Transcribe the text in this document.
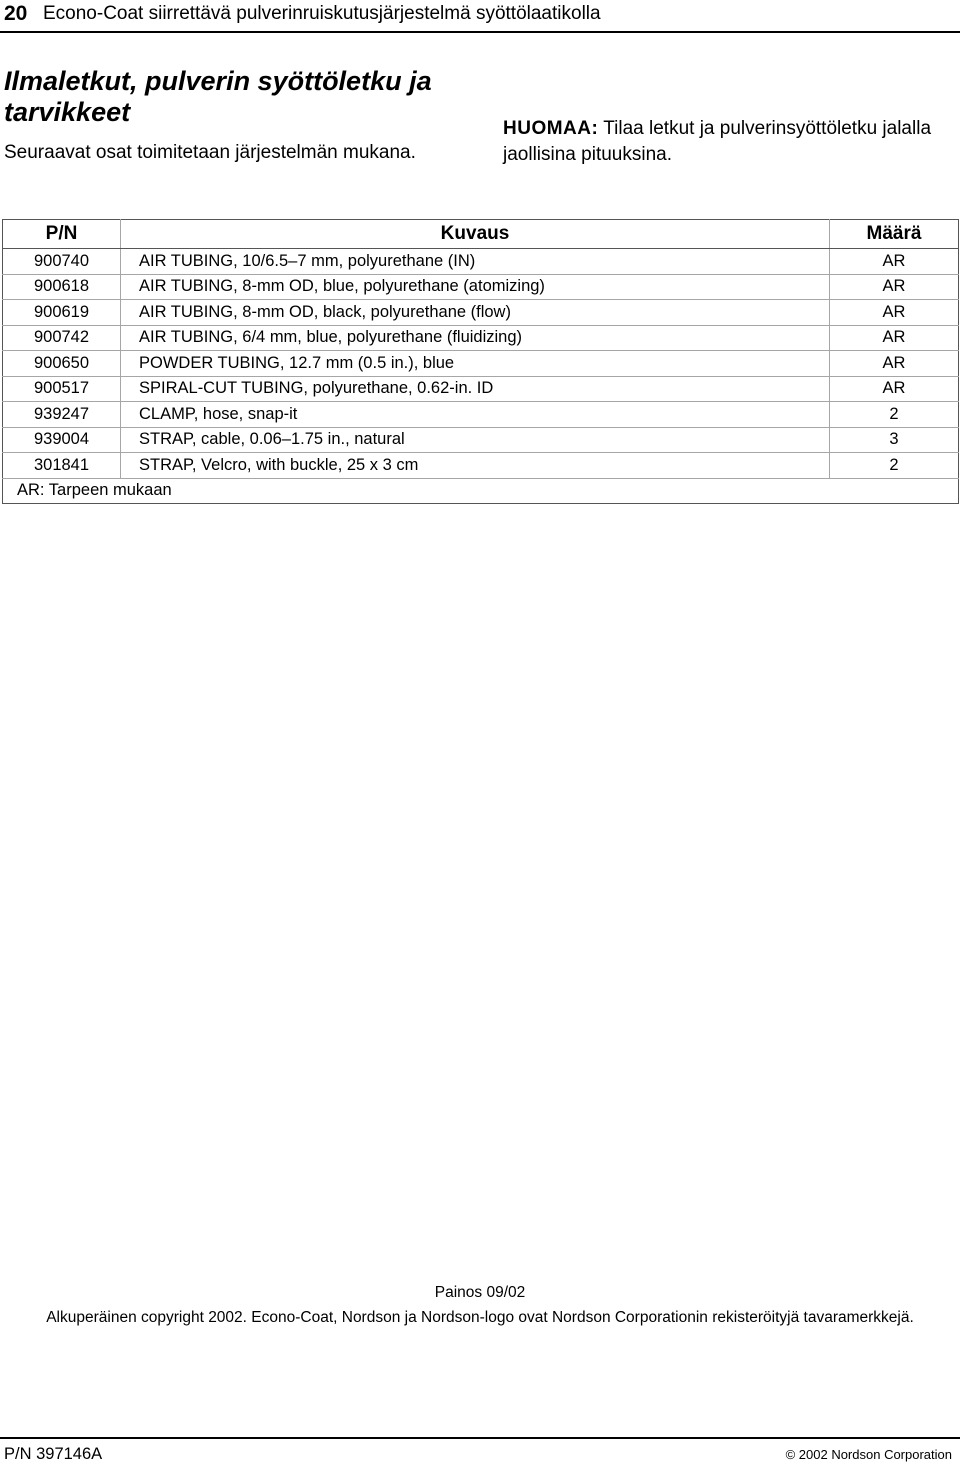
20 Econo-Coat siirrettävä pulverinruiskutusjärjestelmä syöttölaatikolla
Ilmaletkut, pulverin syöttöletku ja tarvikkeet
Seuraavat osat toimitetaan järjestelmän mukana.
HUOMAA: Tilaa letkut ja pulverinsyöttöletku jalalla jaollisina pituuksina.
P/N	Kuvaus	Määrä
900740	AIR TUBING, 10/6.5–7 mm, polyurethane (IN)	AR
900618	AIR TUBING, 8-mm OD, blue, polyurethane (atomizing)	AR
900619	AIR TUBING, 8-mm OD, black, polyurethane (flow)	AR
900742	AIR TUBING, 6/4 mm, blue, polyurethane (fluidizing)	AR
900650	POWDER TUBING, 12.7 mm (0.5 in.), blue	AR
900517	SPIRAL-CUT TUBING, polyurethane, 0.62-in. ID	AR
939247	CLAMP, hose, snap-it	2
939004	STRAP, cable, 0.06–1.75 in., natural	3
301841	STRAP, Velcro, with buckle, 25 x 3 cm	2
AR: Tarpeen mukaan		
Painos 09/02
Alkuperäinen copyright 2002. Econo-Coat, Nordson ja Nordson-logo ovat Nordson Corporationin rekisteröityjä tavaramerkkejä.
P/N 397146A	© 2002 Nordson Corporation
